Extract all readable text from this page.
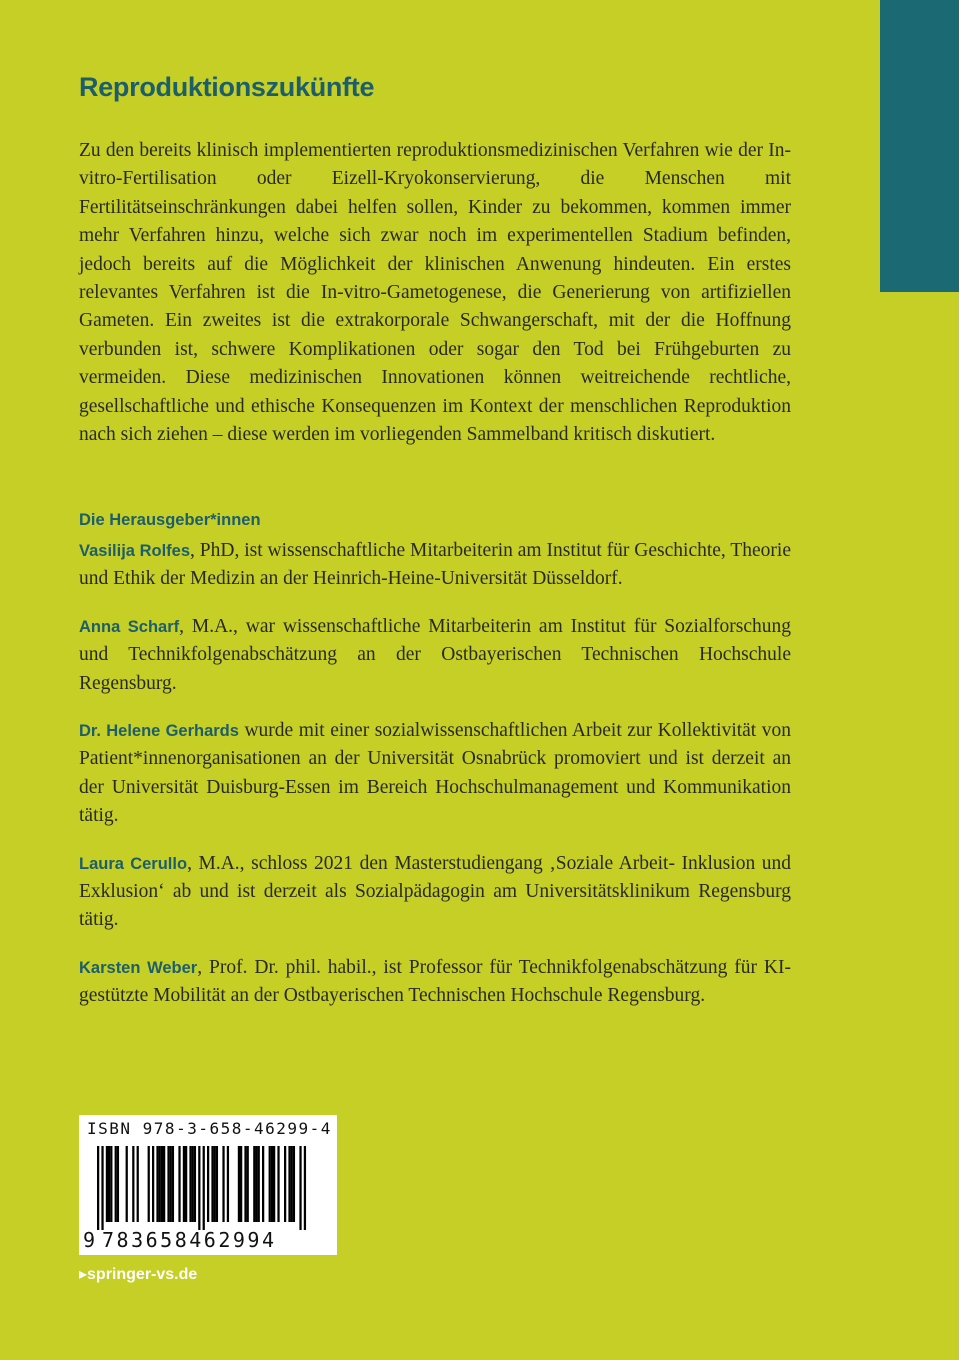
Reproduktionszukünfte

Zu den bereits klinisch implementierten reproduktionsmedizinischen Verfahren wie der In-vitro-Fertilisation oder Eizell-Kryokonservierung, die Menschen mit Fertilitätseinschränkungen dabei helfen sollen, Kinder zu bekommen, kommen immer mehr Verfahren hinzu, welche sich zwar noch im experimentellen Stadium befinden, jedoch bereits auf die Möglichkeit der klinischen Anwenung hindeuten. Ein erstes relevantes Verfahren ist die In-vitro-Gametogenese, die Generierung von artifiziellen Gameten. Ein zweites ist die extrakorporale Schwangerschaft, mit der die Hoffnung verbunden ist, schwere Komplikationen oder sogar den Tod bei Frühgeburten zu vermeiden. Diese medizinischen Innovationen können weitreichende rechtliche, gesellschaftliche und ethische Konsequenzen im Kontext der menschlichen Reproduktion nach sich ziehen – diese werden im vorliegenden Sammelband kritisch diskutiert.

Die Herausgeber*innen

Vasilija Rolfes, PhD, ist wissenschaftliche Mitarbeiterin am Institut für Geschichte, Theorie und Ethik der Medizin an der Heinrich-Heine-Universität Düsseldorf.

Anna Scharf, M.A., war wissenschaftliche Mitarbeiterin am Institut für Sozialforschung und Technikfolgenabschätzung an der Ostbayerischen Technischen Hochschule Regensburg.

Dr. Helene Gerhards wurde mit einer sozialwissenschaftlichen Arbeit zur Kollektivität von Patient*innenorganisationen an der Universität Osnabrück promoviert und ist derzeit an der Universität Duisburg-Essen im Bereich Hochschulmanagement und Kommunikation tätig.

Laura Cerullo, M.A., schloss 2021 den Masterstudiengang ‚Soziale Arbeit- Inklusion und Exklusion‘ ab und ist derzeit als Sozialpädagogin am Universitätsklinikum Regensburg tätig.

Karsten Weber, Prof. Dr. phil. habil., ist Professor für Technikfolgenabschätzung für KI-gestützte Mobilität an der Ostbayerischen Technischen Hochschule Regensburg.

ISBN 978-3-658-46299-4
9 783658462994
▸springer-vs.de
